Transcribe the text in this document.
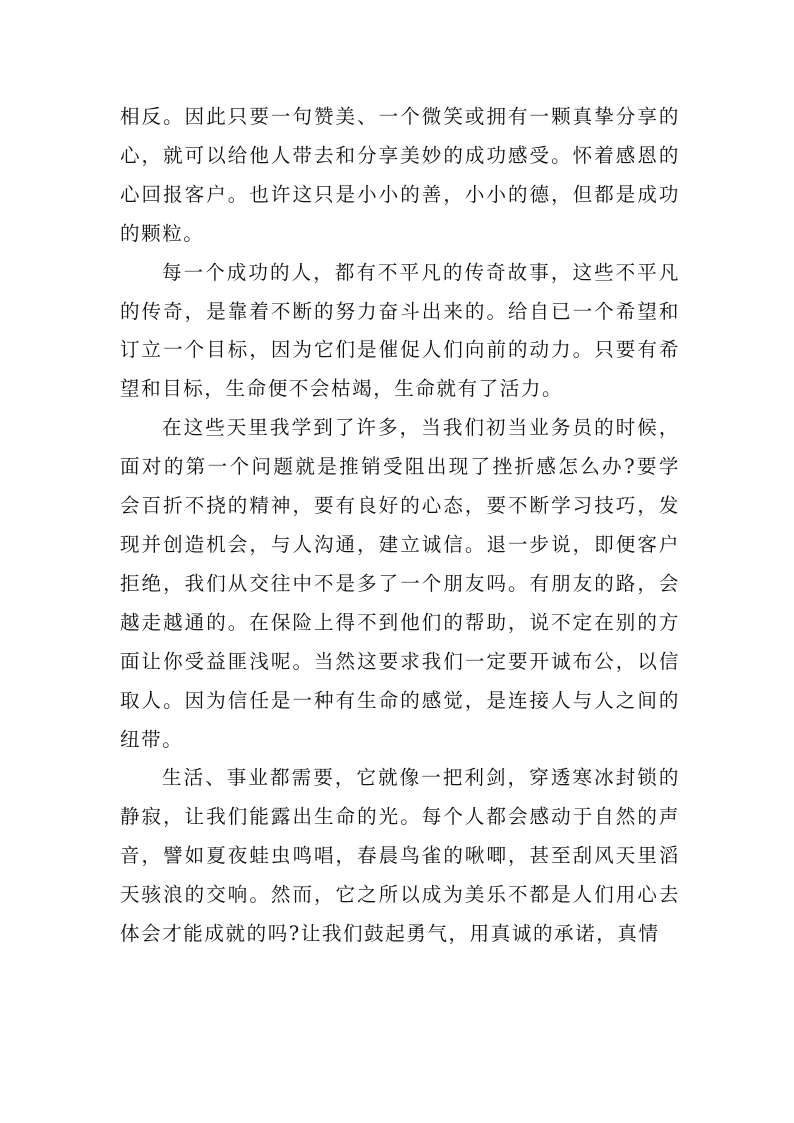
相反。因此只要一句赞美、一个微笑或拥有一颗真挚分享的心，就可以给他人带去和分享美妙的成功感受。怀着感恩的心回报客户。也许这只是小小的善，小小的德，但都是成功的颗粒。

每一个成功的人，都有不平凡的传奇故事，这些不平凡的传奇，是靠着不断的努力奋斗出来的。给自已一个希望和订立一个目标，因为它们是催促人们向前的动力。只要有希望和目标，生命便不会枯竭，生命就有了活力。

在这些天里我学到了许多，当我们初当业务员的时候，面对的第一个问题就是推销受阻出现了挫折感怎么办?要学会百折不挠的精神，要有良好的心态，要不断学习技巧，发现并创造机会，与人沟通，建立诚信。退一步说，即便客户拒绝，我们从交往中不是多了一个朋友吗。有朋友的路，会越走越通的。在保险上得不到他们的帮助，说不定在别的方面让你受益匪浅呢。当然这要求我们一定要开诚布公，以信取人。因为信任是一种有生命的感觉，是连接人与人之间的纽带。

生活、事业都需要，它就像一把利剑，穿透寒冰封锁的静寂，让我们能露出生命的光。每个人都会感动于自然的声音，譬如夏夜蛙虫鸣唱，春晨鸟雀的啾唧，甚至刮风天里滔天骇浪的交响。然而，它之所以成为美乐不都是人们用心去体会才能成就的吗?让我们鼓起勇气，用真诚的承诺，真情
